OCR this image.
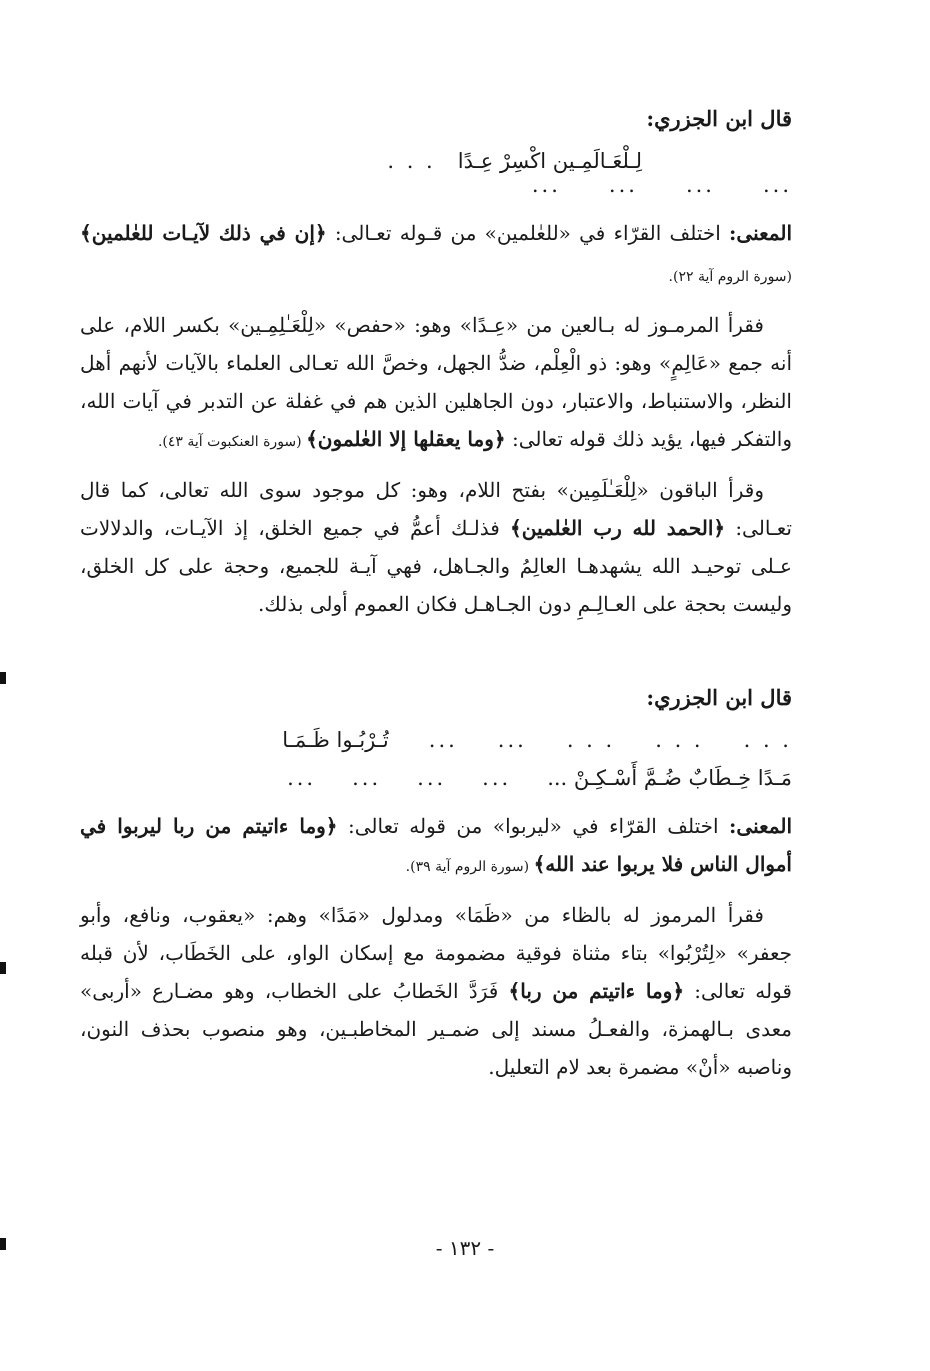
قال ابن الجزري:

لِـلْعَـالَمِـين اكْسِرْ عِـدًا
. . .
...
...
...
...

المعنى: اختلف القرّاء في «للعٰلمين» من قـوله تعـالى: ﴿إن في ذلك لآيـات للعٰلمين﴾ (سورة الروم آية ٢٢).

فقرأ المرمـوز له بـالعين من «عِـدًا» وهو: «حفص» «لِلْعَـٰلِمِـين» بكسر اللام، على أنه جمع «عَالِمٍ» وهو: ذو الْعِلْم، ضدُّ الجهل، وخصَّ الله تعـالى العلماء بالآيات لأنهم أهل النظر، والاستنباط، والاعتبار، دون الجاهلين الذين هم في غفلة عن التدبر في آيات الله، والتفكر فيها، يؤيد ذلك قوله تعالى: ﴿وما يعقلها إلا العٰلمون﴾ (سورة العنكبوت آية ٤٣).

وقرأ الباقون «لِلْعَـٰلَمِين» بفتح اللام، وهو: كل موجود سوى الله تعالى، كما قال تعـالى: ﴿الحمد لله رب العٰلمين﴾ فذلـك أعمُّ في جميع الخلق، إذ الآيـات، والدلالات عـلى توحيـد الله يشهدهـا العالِمُ والجـاهل، فهي آيـة للجميع، وحجة على كل الخلق، وليست بحجة على العـالِـمِ دون الجـاهـل فكان العموم أولى بذلك.

قال ابن الجزري:

. . .
. . .
. . .
...
...
تُـرْبُـوا ظَـمَـا
مَـدًا خِـطَابٌ ضُـمَّ أَسْـكِـنْ ...
...
...
...
...

المعنى: اختلف القرّاء في «ليربوا» من قوله تعالى: ﴿وما ءاتيتم من ربا ليربوا في أموال الناس فلا يربوا عند الله﴾ (سورة الروم آية ٣٩).

فقرأ المرموز له بالظاء من «ظَمَا» ومدلول «مَدًا» وهم: «يعقوب، ونافع، وأبو جعفر» «لِتُرْبُوا» بتاء مثناة فوقية مضمومة مع إسكان الواو، على الخَطَاب، لأن قبله قوله تعالى: ﴿وما ءاتيتم من ربا﴾ فَرَدَّ الخَطابُ على الخطاب، وهو مضـارع «أربى» معدى بـالهمزة، والفعـلُ مسند إلى ضمـير المخاطبـين، وهو منصوب بحذف النون، وناصبه «أنْ» مضمرة بعد لام التعليل.

- ١٣٢ -
